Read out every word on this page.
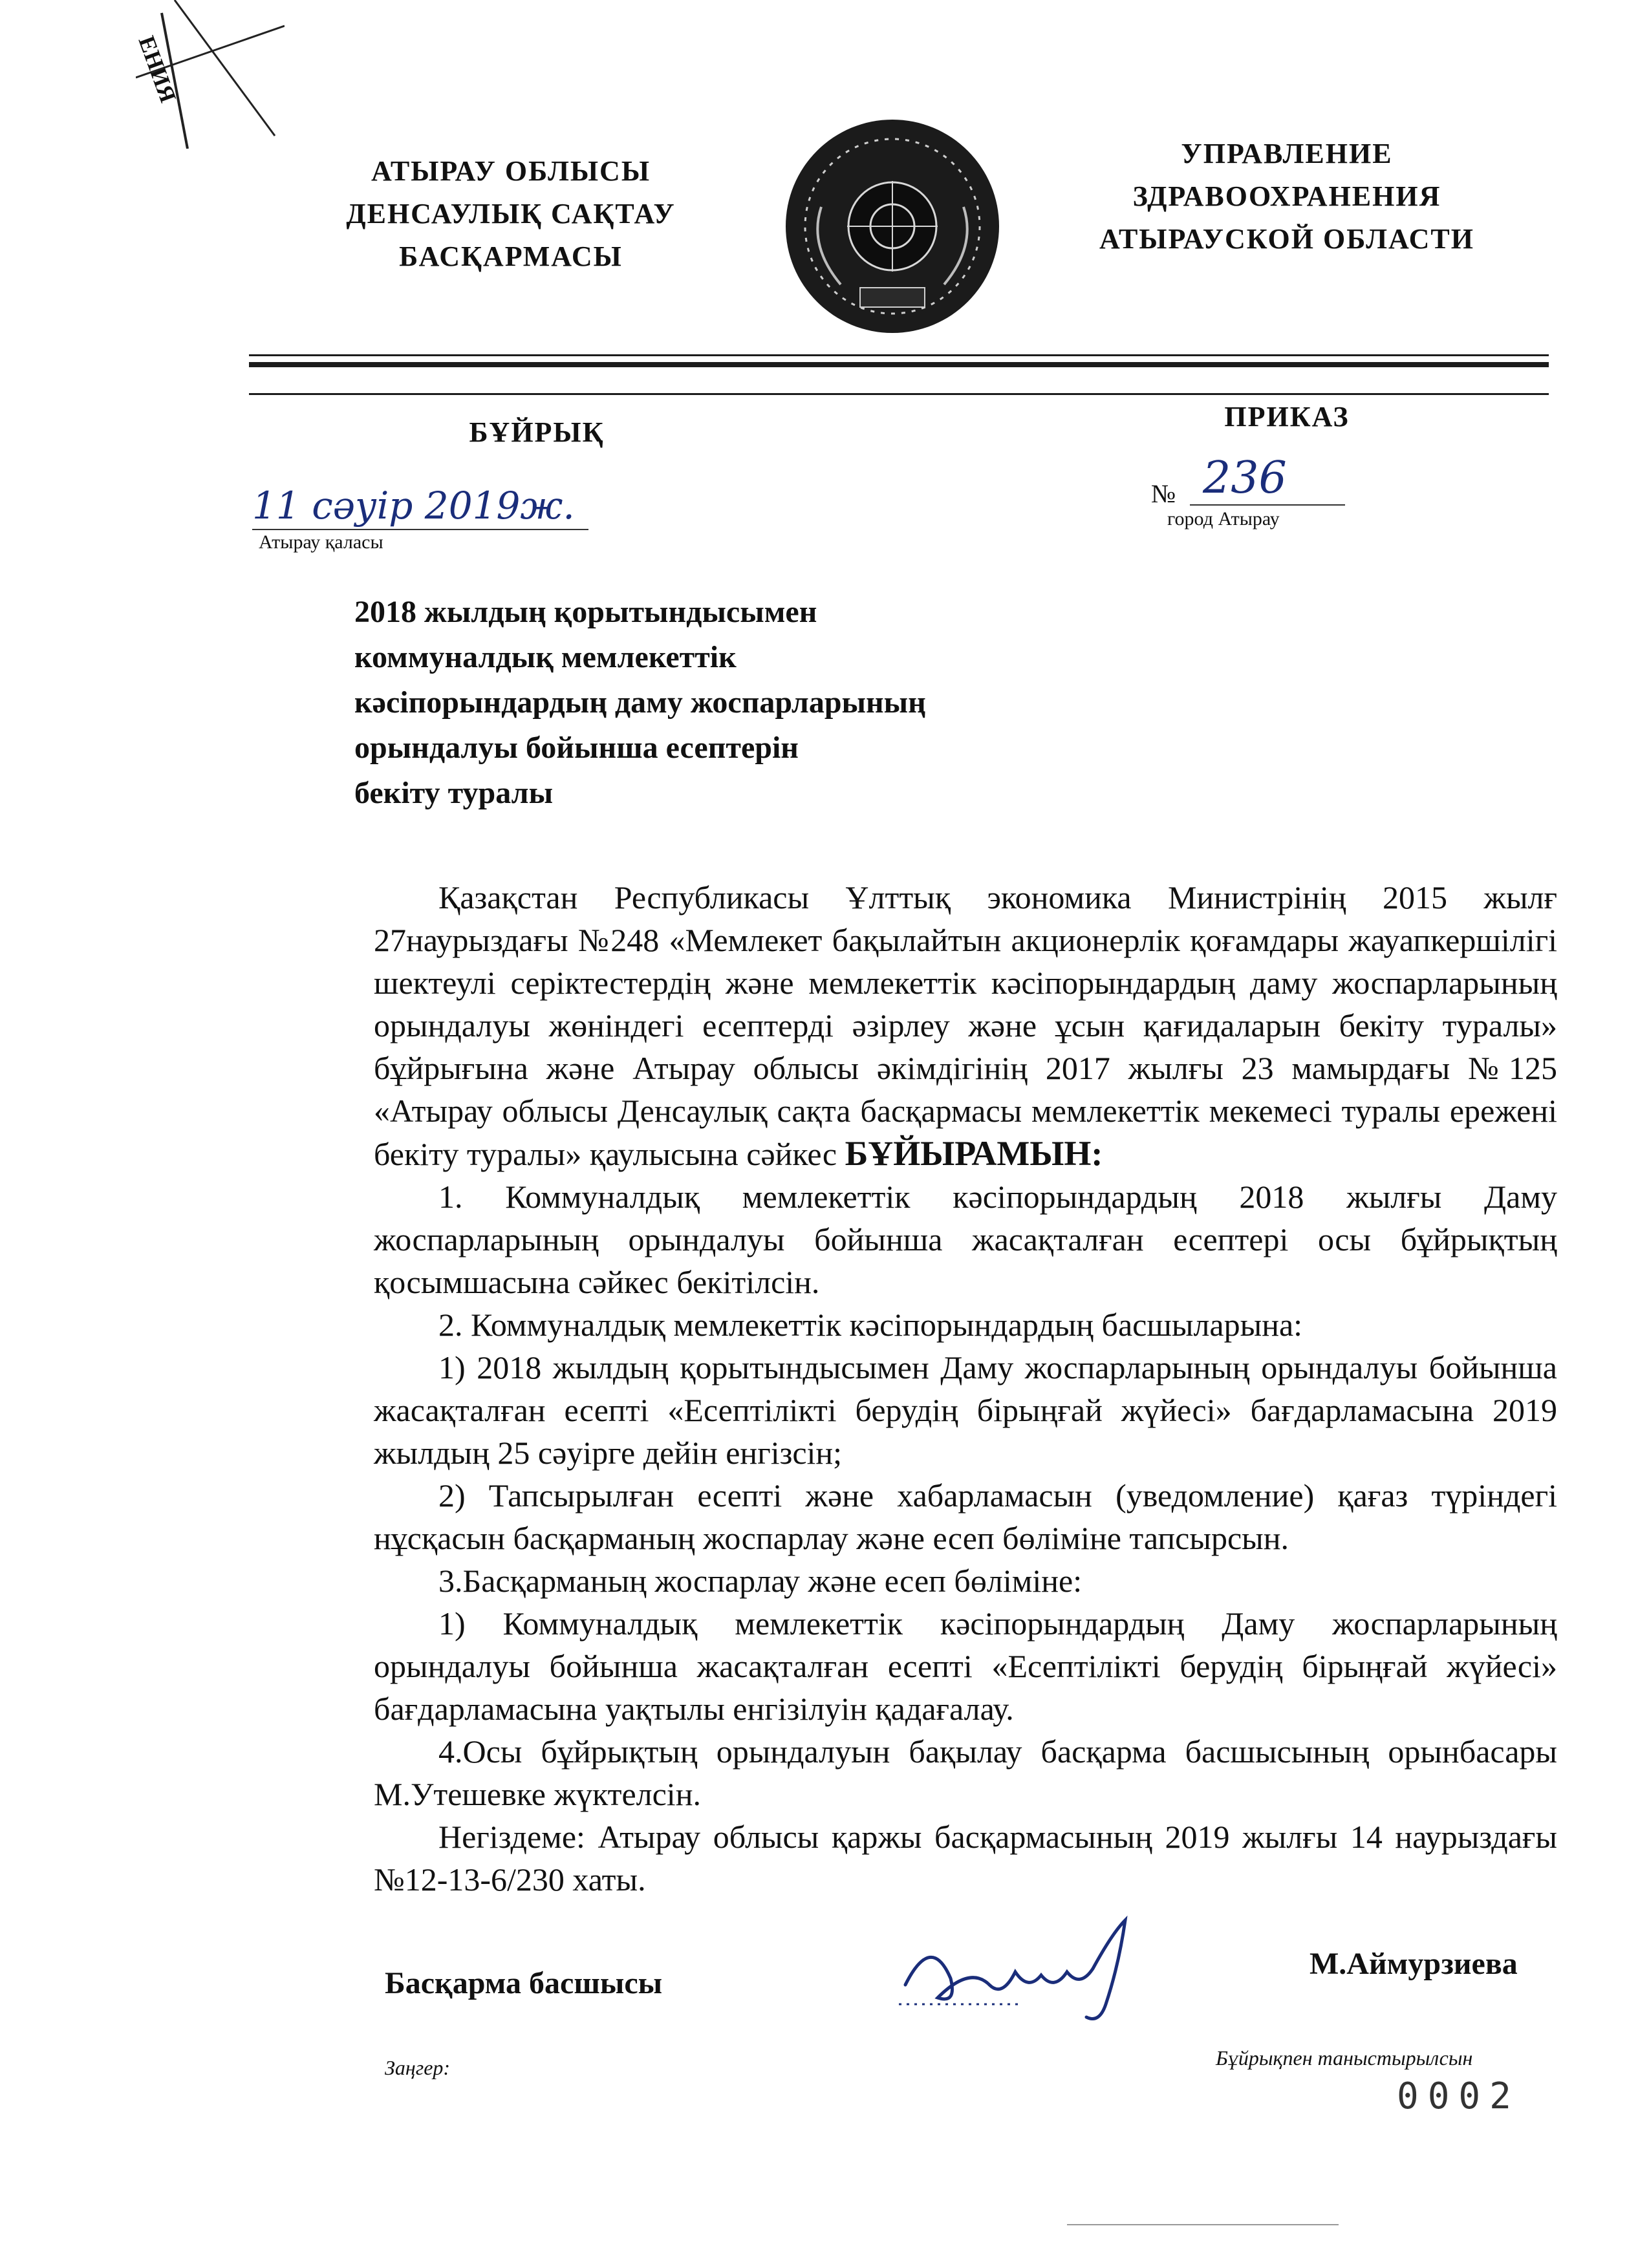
ЕНИЯ
АТЫРАУ ОБЛЫСЫ
ДЕНСАУЛЫҚ САҚТАУ
БАСҚАРМАСЫ
УПРАВЛЕНИЕ
ЗДРАВООХРАНЕНИЯ
АТЫРАУСКОЙ ОБЛАСТИ
БҰЙРЫҚ	ПРИКАЗ
11 сәуір 2019ж.
Атырау қаласы
№ 236
город Атырау
2018 жылдың қорытындысымен
коммуналдық мемлекеттік
кәсіпорындардың даму жоспарларының
орындалуы бойынша есептерін
бекіту туралы

Қазақстан Республикасы Ұлттық экономика Министрінің 2015 жылғ 27наурыздағы №248 «Мемлекет бақылайтын акционерлік қоғамдары жауапкершілігі шектеулі серіктестердің және мемлекеттік кәсіпорындардың даму жоспарларының орындалуы жөніндегі есептерді әзірлеу және ұсын қағидаларын бекіту туралы» бұйрығына және Атырау облысы әкімдігінің 2017 жылғы 23 мамырдағы №125 «Атырау облысы Денсаулық сақта басқармасы мемлекеттік мекемесі туралы ережені бекіту туралы» қаулысына сәйкес БҰЙЫРАМЫН:

1. Коммуналдық мемлекеттік кәсіпорындардың 2018 жылғы Даму жоспарларының орындалуы бойынша жасақталған есептері осы бұйрықтың қосымшасына сәйкес бекітілсін.

2. Коммуналдық мемлекеттік кәсіпорындардың басшыларына:

1) 2018 жылдың қорытындысымен Даму жоспарларының орындалуы бойынша жасақталған есепті «Есептілікті берудің бірыңғай жүйесі» бағдарламасына 2019 жылдың 25 сәуірге дейін енгізсін;

2) Тапсырылған есепті және хабарламасын (уведомление) қағаз түріндегі нұсқасын басқарманың жоспарлау және есеп бөліміне тапсырсын.

3.Басқарманың жоспарлау және есеп бөліміне:

1) Коммуналдық мемлекеттік кәсіпорындардың Даму жоспарларының орындалуы бойынша жасақталған есепті «Есептілікті берудің бірыңғай жүйесі» бағдарламасына уақтылы енгізілуін қадағалау.

4.Осы бұйрықтың орындалуын бақылау басқарма басшысының орынбасары М.Утешевке жүктелсін.

Негіздеме: Атырау облысы қаржы басқармасының 2019 жылғы 14 наурыздағы №12-13-6/230 хаты.

Басқарма басшысы
М.Аймурзиева
Заңгер:	Бұйрықпен таныстырылсын
0002
